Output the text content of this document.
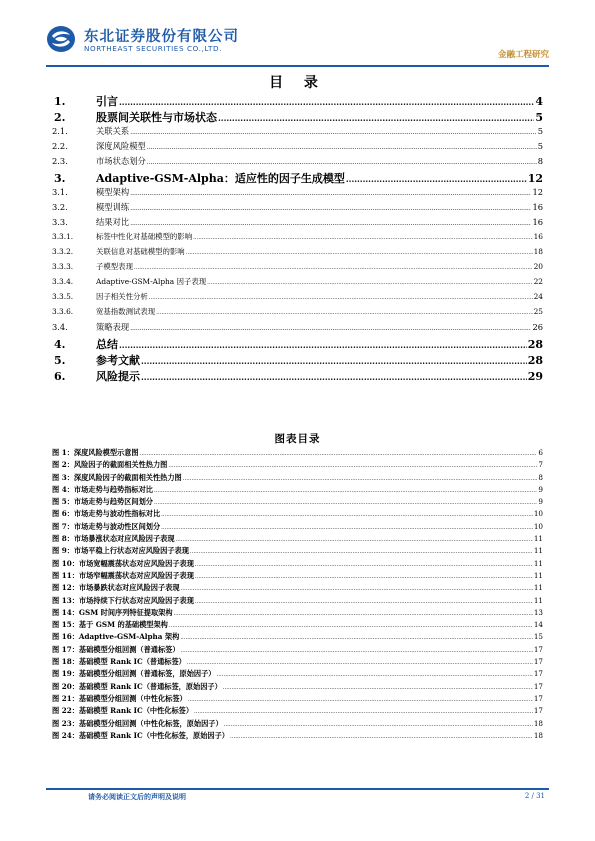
东北证券股份有限公司
NORTHEAST SECURITIES CO.,LTD.
金融工程研究
目 录
1.	引言 .....	4
2.	股票间关联性与市场状态 .....	5
2.1.	关联关系 .....	5
2.2.	深度风险模型 .....	5
2.3.	市场状态划分 .....	8
3.	Adaptive-GSM-Alpha：适应性的因子生成模型 .....	12
3.1.	模型架构 .....	12
3.2.	模型训练 .....	16
3.3.	结果对比 .....	16
3.3.1.	标签中性化对基础模型的影响 .....	16
3.3.2.	关联信息对基础模型的影响 .....	18
3.3.3.	子模型表现 .....	20
3.3.4.	Adaptive-GSM-Alpha 因子表现 .....	22
3.3.5.	因子相关性分析 .....	24
3.3.6.	宽基指数测试表现 .....	25
3.4.	策略表现 .....	26
4.	总结 .....	28
5.	参考文献 .....	28
6.	风险提示 .....	29
图表目录
图 1：深度风险模型示意图 .....	6
图 2：风险因子的截面相关性热力图 .....	7
图 3：深度风险因子的截面相关性热力图 .....	8
图 4：市场走势与趋势指标对比 .....	9
图 5：市场走势与趋势区间划分 .....	9
图 6：市场走势与波动性指标对比 .....	10
图 7：市场走势与波动性区间划分 .....	10
图 8：市场暴涨状态对应风险因子表现 .....	11
图 9：市场平稳上行状态对应风险因子表现 .....	11
图 10：市场宽幅震荡状态对应风险因子表现 .....	11
图 11：市场窄幅震荡状态对应风险因子表现 .....	11
图 12：市场暴跌状态对应风险因子表现 .....	11
图 13：市场持续下行状态对应风险因子表现 .....	11
图 14：GSM 时间序列特征提取架构 .....	13
图 15：基于 GSM 的基础模型架构 .....	14
图 16：Adaptive-GSM-Alpha 架构 .....	15
图 17：基础模型分组回测（普通标签） .....	17
图 18：基础模型 Rank IC（普通标签） .....	17
图 19：基础模型分组回测（普通标签，原始因子） .....	17
图 20：基础模型 Rank IC（普通标签，原始因子） .....	17
图 21：基础模型分组回测（中性化标签） .....	17
图 22：基础模型 Rank IC（中性化标签） .....	17
图 23：基础模型分组回测（中性化标签，原始因子） .....	18
图 24：基础模型 Rank IC（中性化标签，原始因子） .....	18
请务必阅读正文后的声明及说明	2 / 31
